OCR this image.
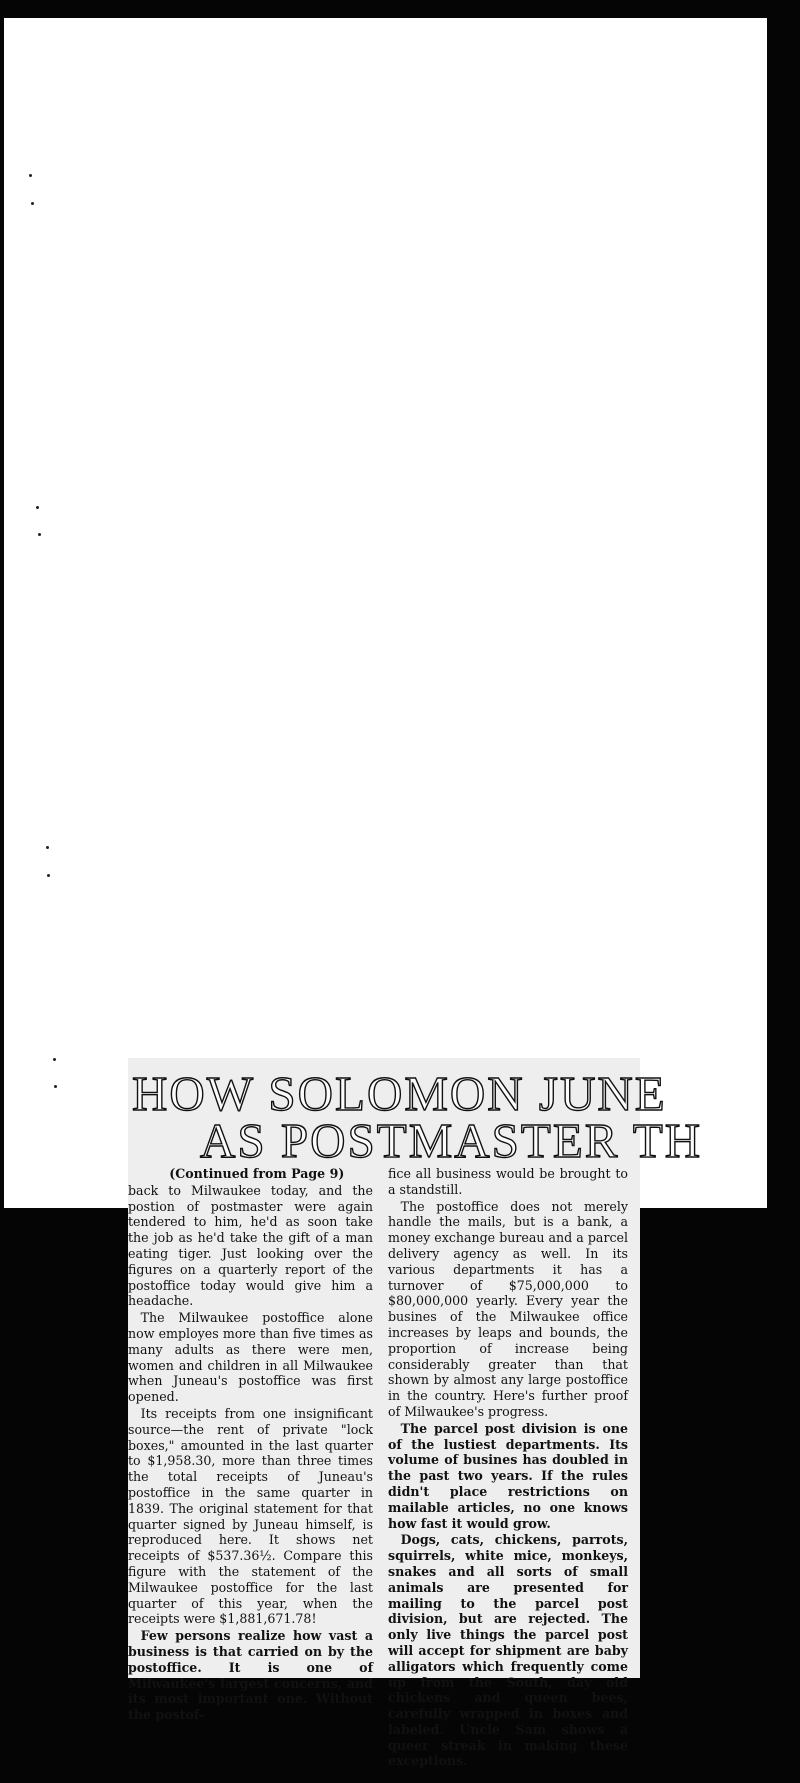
HOW SOLOMON JUNE
AS POSTMASTER TH

(Continued from Page 9)

back to Milwaukee today, and the postion of postmaster were again tendered to him, he'd as soon take the job as he'd take the gift of a man eating tiger. Just looking over the figures on a quarterly report of the postoffice today would give him a headache.

The Milwaukee postoffice alone now employes more than five times as many adults as there were men, women and children in all Milwaukee when Juneau's postoffice was first opened.

Its receipts from one insignificant source—the rent of private "lock boxes," amounted in the last quarter to $1,958.30, more than three times the total receipts of Juneau's postoffice in the same quarter in 1839. The original statement for that quarter signed by Juneau himself, is reproduced here. It shows net receipts of $537.36½. Compare this figure with the statement of the Milwaukee postoffice for the last quarter of this year, when the receipts were $1,881,671.78!

Few persons realize how vast a business is that carried on by the postoffice. It is one of Milwaukee's largest concerns, and its most important one. Without the postof-

fice all business would be brought to a standstill.

The postoffice does not merely handle the mails, but is a bank, a money exchange bureau and a parcel delivery agency as well. In its various departments it has a turnover of $75,000,000 to $80,000,000 yearly. Every year the busines of the Milwaukee office increases by leaps and bounds, the proportion of increase being considerably greater than that shown by almost any large postoffice in the country. Here's further proof of Milwaukee's progress.

The parcel post division is one of the lustiest departments. Its volume of busines has doubled in the past two years. If the rules didn't place restrictions on mailable articles, no one knows how fast it would grow.

Dogs, cats, chickens, parrots, squirrels, white mice, monkeys, snakes and all sorts of small animals are presented for mailing to the parcel post division, but are rejected. The only live things the parcel post will accept for shipment are baby alligators which frequently come up from the South, day old chickens and queen bees, carefully wrapped in boxes and labeled. Uncle Sam shows a queer streak in making these exceptions.
